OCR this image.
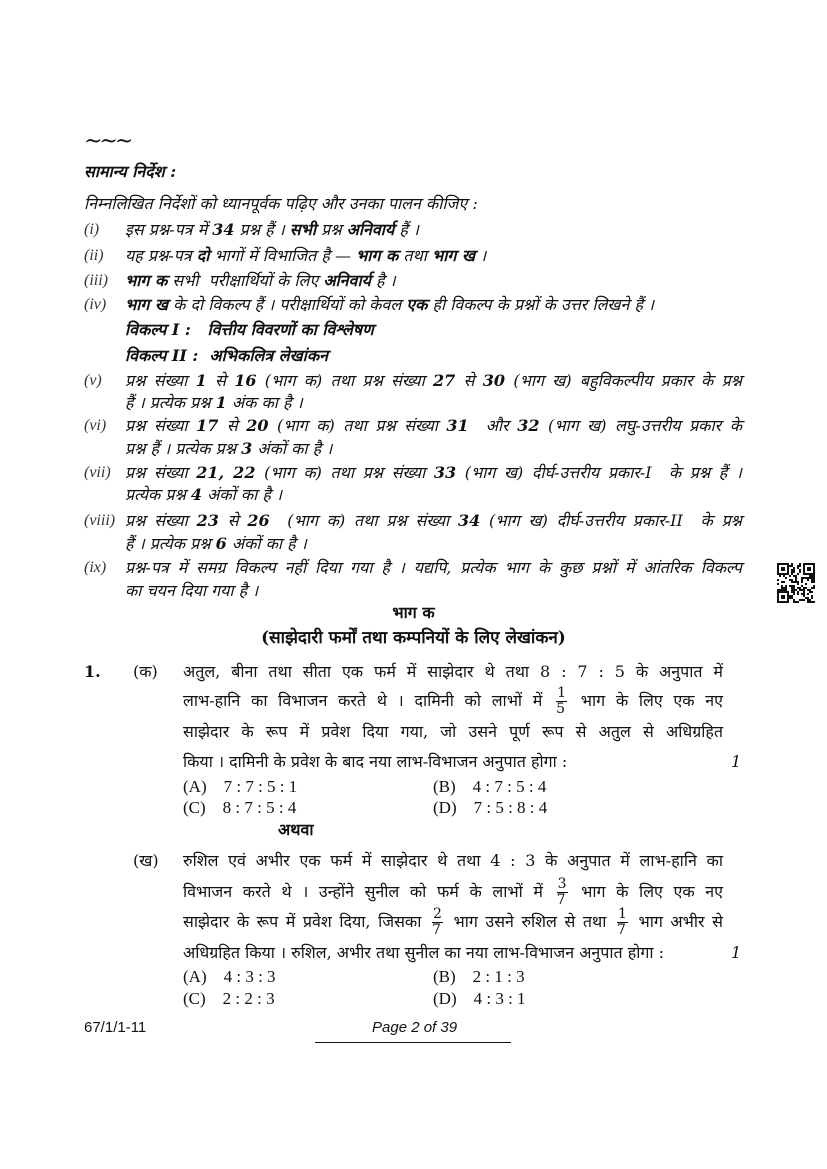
~~~
सामान्य निर्देश :
निम्नलिखित निर्देशों को ध्यानपूर्वक पढ़िए और उनका पालन कीजिए :
(i) इस प्रश्न-पत्र में 34 प्रश्न हैं । सभी प्रश्न अनिवार्य हैं ।
(ii) यह प्रश्न-पत्र दो भागों में विभाजित है — भाग क तथा भाग ख ।
(iii) भाग क सभी  परीक्षार्थियों के लिए अनिवार्य है ।
(iv) भाग ख के दो विकल्प हैं । परीक्षार्थियों को केवल एक ही विकल्प के प्रश्नों के उत्तर लिखने हैं ।
विकल्प I :   वित्तीय विवरणों का विश्लेषण
विकल्प II :  अभिकलित्र लेखांकन
(v) प्रश्न संख्या 1 से 16 (भाग क) तथा प्रश्न संख्या 27 से 30 (भाग ख) बहुविकल्पीय प्रकार के प्रश्न
हैं । प्रत्येक प्रश्न 1 अंक का है ।
(vi) प्रश्न संख्या 17 से 20 (भाग क) तथा प्रश्न संख्या 31  और 32 (भाग ख) लघु-उत्तरीय प्रकार के
प्रश्न हैं । प्रत्येक प्रश्न 3 अंकों का है ।
(vii) प्रश्न संख्या 21, 22 (भाग क) तथा प्रश्न संख्या 33 (भाग ख) दीर्घ-उत्तरीय प्रकार-I  के प्रश्न हैं ।
प्रत्येक प्रश्न 4 अंकों का है ।
(viii) प्रश्न संख्या 23 से 26  (भाग क) तथा प्रश्न संख्या 34 (भाग ख) दीर्घ-उत्तरीय प्रकार-II  के प्रश्न
हैं । प्रत्येक प्रश्न 6 अंकों का है ।
(ix) प्रश्न-पत्र में समग्र विकल्प नहीं दिया गया है । यद्यपि, प्रत्येक भाग के कुछ प्रश्नों में आंतरिक विकल्प
का चयन दिया गया है ।
भाग क
(साझेदारी फर्मों तथा कम्पनियों के लिए लेखांकन)
1. (क) अतुल, बीना तथा सीता एक फर्म में साझेदार थे तथा 8 : 7 : 5 के अनुपात में
लाभ-हानि का विभाजन करते थे । दामिनी को लाभों में $\frac{1}{5}$ भाग के लिए एक नए
साझेदार के रूप में प्रवेश दिया गया, जो उसने पूर्ण रूप से अतुल से अधिग्रहित
किया । दामिनी के प्रवेश के बाद नया लाभ-विभाजन अनुपात होगा :	1
(A) 7 : 7 : 5 : 1	(B) 4 : 7 : 5 : 4
(C) 8 : 7 : 5 : 4	(D) 7 : 5 : 8 : 4
अथवा
(ख) रुशिल एवं अभीर एक फर्म में साझेदार थे तथा 4 : 3 के अनुपात में लाभ-हानि का
विभाजन करते थे । उन्होंने सुनील को फर्म के लाभों में $\frac{3}{7}$ भाग के लिए एक नए
साझेदार के रूप में प्रवेश दिया, जिसका $\frac{2}{7}$ भाग उसने रुशिल से तथा $\frac{1}{7}$ भाग अभीर से
अधिग्रहित किया । रुशिल, अभीर तथा सुनील का नया लाभ-विभाजन अनुपात होगा :	1
(A) 4 : 3 : 3	(B) 2 : 1 : 3
(C) 2 : 2 : 3	(D) 4 : 3 : 1
67/1/1-11	Page 2 of 39
